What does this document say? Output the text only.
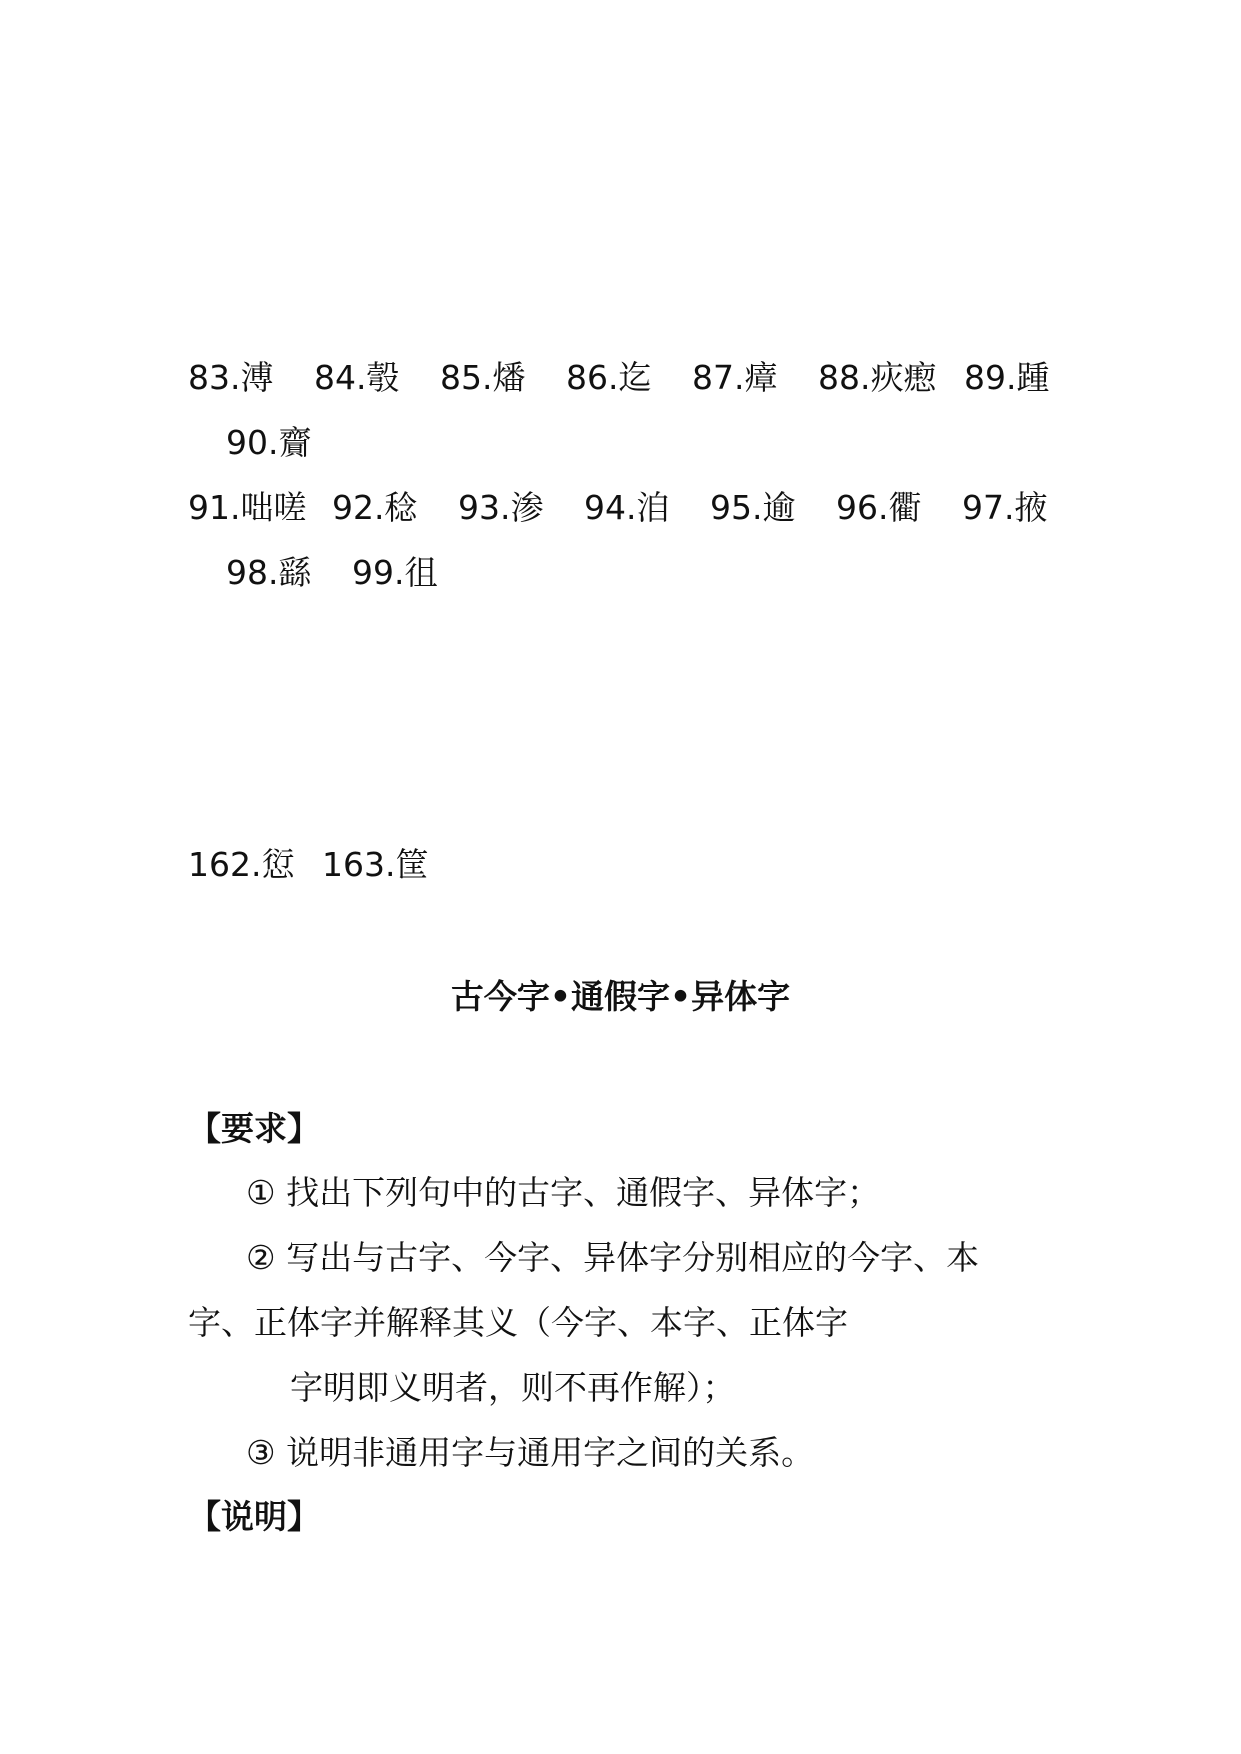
83.溥 84.彀 85.燔 86.迄 87.瘴 88.疢瘛 89.踵
90.齎
91.咄嗟 92.稔 93.渗 94.洎 95.逾 96.衢 97.掖
98.繇 99.徂
162.愆 163.筐
古今字•通假字•异体字
【要求】
① 找出下列句中的古字、通假字、异体字；
② 写出与古字、今字、异体字分别相应的今字、本
字、正体字并解释其义（今字、本字、正体字
字明即义明者，则不再作解）；
③ 说明非通用字与通用字之间的关系。
【说明】
